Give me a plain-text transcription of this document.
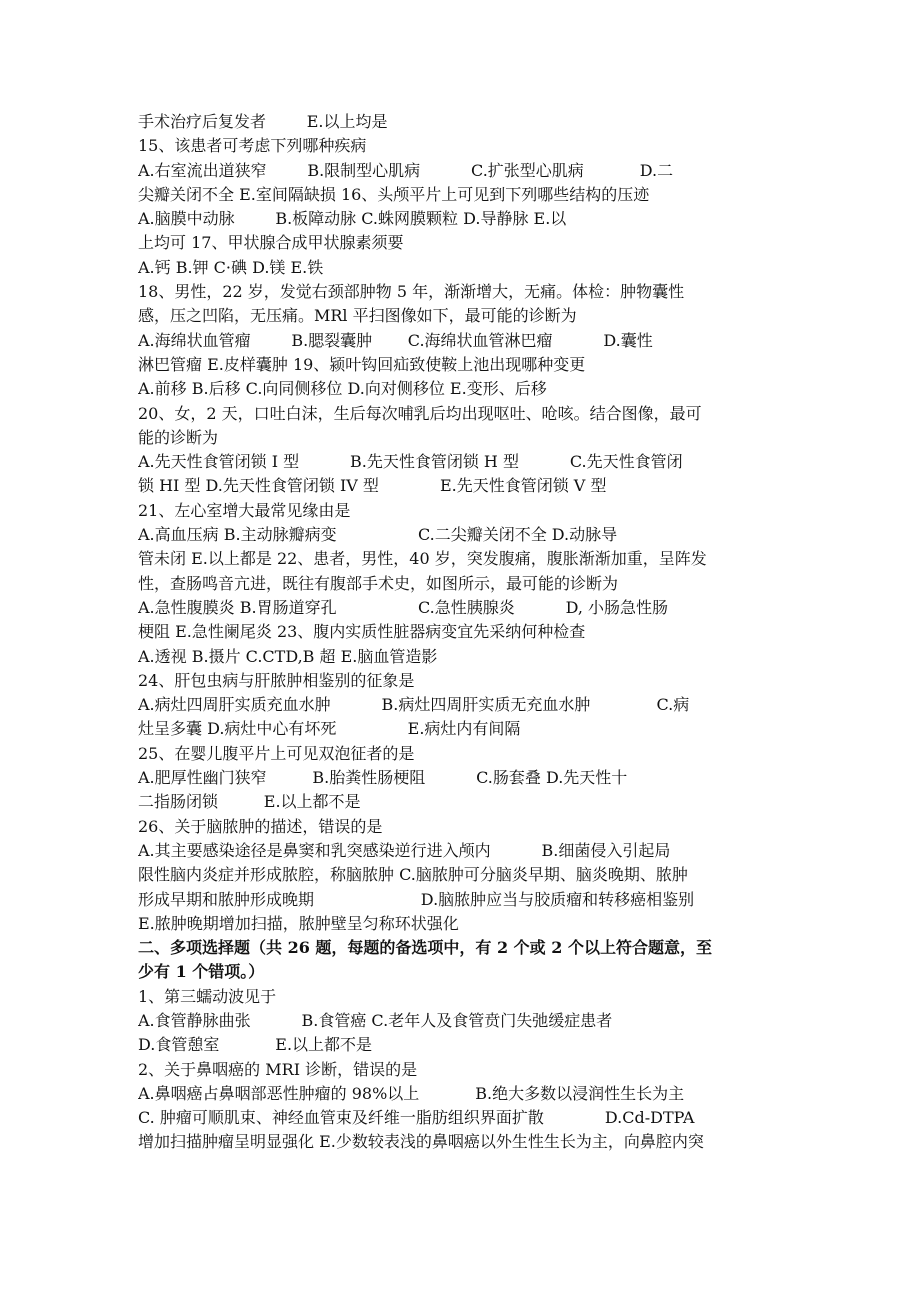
手术治疗后复发者        E.以上均是
15、该患者可考虑下列哪种疾病
A.右室流出道狭窄        B.限制型心肌病          C.扩张型心肌病           D.二
尖瓣关闭不全 E.室间隔缺损 16、头颅平片上可见到下列哪些结构的压迹
A.脑膜中动脉        B.板障动脉 C.蛛网膜颗粒 D.导静脉 E.以
上均可 17、甲状腺合成甲状腺素须要
A.钙 B.钾 C·碘 D.镁 E.铁
18、男性，22 岁，发觉右颈部肿物 5 年，渐渐增大，无痛。体检：肿物囊性
感，压之凹陷，无压痛。MRl 平扫图像如下，最可能的诊断为
A.海绵状血管瘤        B.腮裂囊肿       C.海绵状血管淋巴瘤          D.囊性
淋巴管瘤 E.皮样囊肿 19、颍叶钩回疝致使鞍上池出现哪种变更
A.前移 B.后移 C.向同侧移位 D.向对侧移位 E.变形、后移
20、女，2 天，口吐白沫，生后每次哺乳后均出现呕吐、呛咳。结合图像，最可
能的诊断为
A.先天性食管闭锁 I 型          B.先天性食管闭锁 H 型          C.先天性食管闭
锁 HI 型 D.先天性食管闭锁 IV 型            E.先天性食管闭锁 V 型
21、左心室增大最常见缘由是
A.高血压病 B.主动脉瓣病变                C.二尖瓣关闭不全 D.动脉导
管未闭 E.以上都是 22、患者，男性，40 岁，突发腹痛，腹胀渐渐加重，呈阵发
性，查肠鸣音亢进，既往有腹部手术史，如图所示，最可能的诊断为
A.急性腹膜炎 B.胃肠道穿孔                C.急性胰腺炎          D, 小肠急性肠
梗阻 E.急性阑尾炎 23、腹内实质性脏器病变宜先采纳何种检查
A.透视 B.摄片 C.CTD,B 超 E.脑血管造影
24、肝包虫病与肝脓肿相鉴别的征象是
A.病灶四周肝实质充血水肿          B.病灶四周肝实质无充血水肿             C.病
灶呈多囊 D.病灶中心有坏死              E.病灶内有间隔
25、在婴儿腹平片上可见双泡征者的是
A.肥厚性幽门狭窄         B.胎粪性肠梗阻          C.肠套叠 D.先天性十
二指肠闭锁         E.以上都不是
26、关于脑脓肿的描述，错误的是
A.其主要感染途径是鼻窦和乳突感染逆行进入颅内          B.细菌侵入引起局
限性脑内炎症并形成脓腔，称脑脓肿 C.脑脓肿可分脑炎早期、脑炎晚期、脓肿
形成早期和脓肿形成晚期                     D.脑脓肿应当与胶质瘤和转移癌相鉴别
E.脓肿晚期增加扫描，脓肿壁呈匀称环状强化
二、多项选择题（共 26 题，每题的备选项中，有 2 个或 2 个以上符合题意，至
少有 1 个错项。）
1、第三蠕动波见于
A.食管静脉曲张          B.食管癌 C.老年人及食管贲门失弛缓症患者
D.食管憩室           E.以上都不是
2、关于鼻咽癌的 MRI 诊断，错误的是
A.鼻咽癌占鼻咽部恶性肿瘤的 98%以上           B.绝大多数以浸润性生长为主
C. 肿瘤可顺肌束、神经血管束及纤维一脂肪组织界面扩散            D.Cd-DTPA
增加扫描肿瘤呈明显强化 E.少数较表浅的鼻咽癌以外生性生长为主，向鼻腔内突
